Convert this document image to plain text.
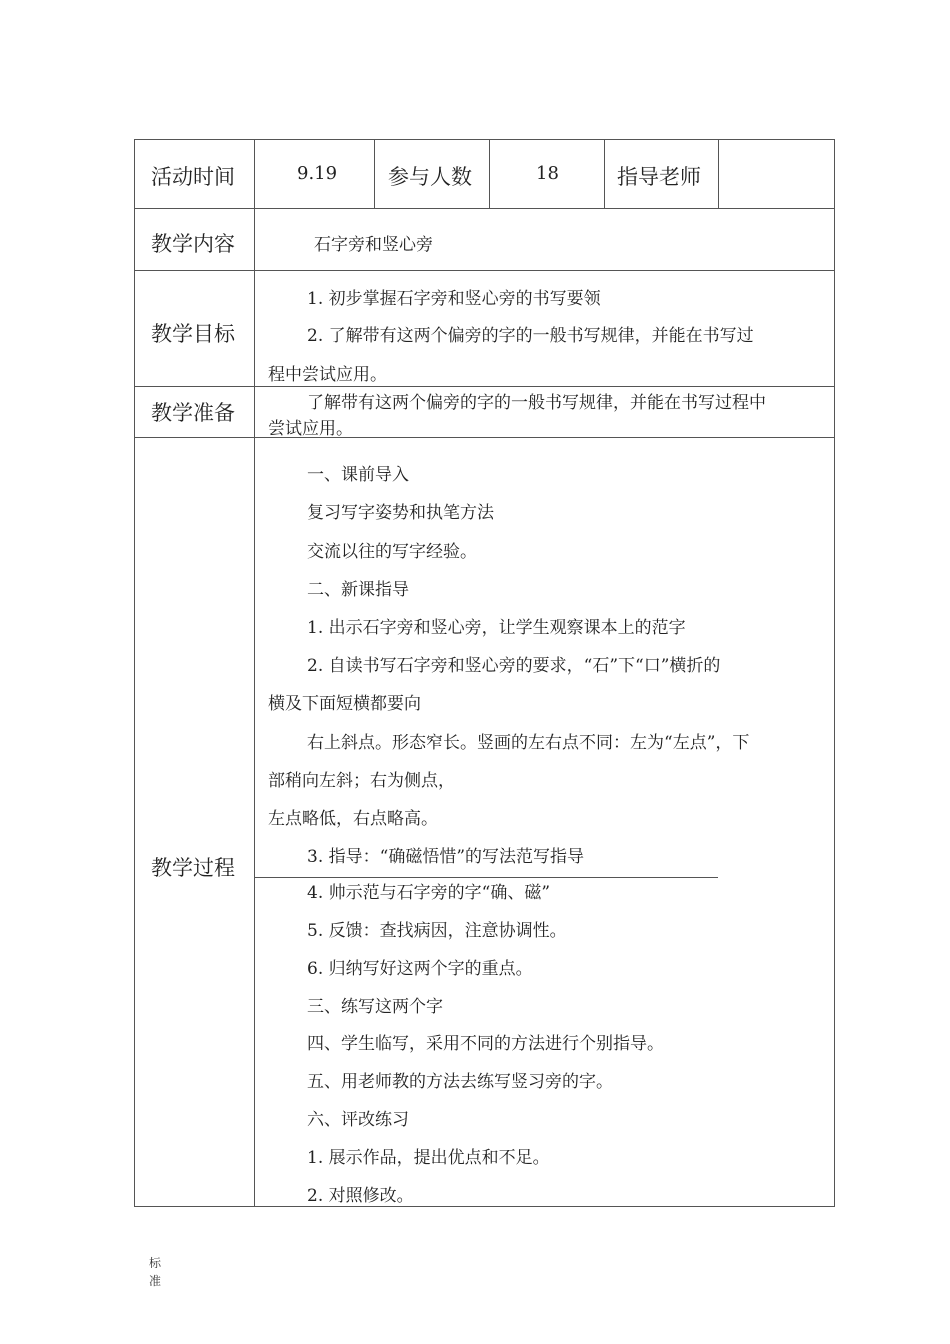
活动时间	9.19 参与人数	18	指导老师
教学内容	石字旁和竖心旁
教学目标
1. 初步掌握石字旁和竖心旁的书写要领
2. 了解带有这两个偏旁的字的一般书写规律，并能在书写过
程中尝试应用。
教学准备	了解带有这两个偏旁的字的一般书写规律，并能在书写过程中
尝试应用。
教学过程
一、课前导入
复习写字姿势和执笔方法
交流以往的写字经验。
二、新课指导
1. 出示石字旁和竖心旁，让学生观察课本上的范字
2. 自读书写石字旁和竖心旁的要求，“石”下“口”横折的
横及下面短横都要向
右上斜点。形态窄长。竖画的左右点不同：左为“左点”，下
部稍向左斜；右为侧点，
左点略低，右点略高。
3. 指导：“确磁悟惜”的写法范写指导
4. 帅示范与石字旁的字“确、磁”
5. 反馈：查找病因，注意协调性。
6. 归纳写好这两个字的重点。
三、练写这两个字
四、学生临写，采用不同的方法进行个别指导。
五、用老师教的方法去练写竖习旁的字。
六、评改练习
1. 展示作品，提出优点和不足。
2. 对照修改。
标
准
